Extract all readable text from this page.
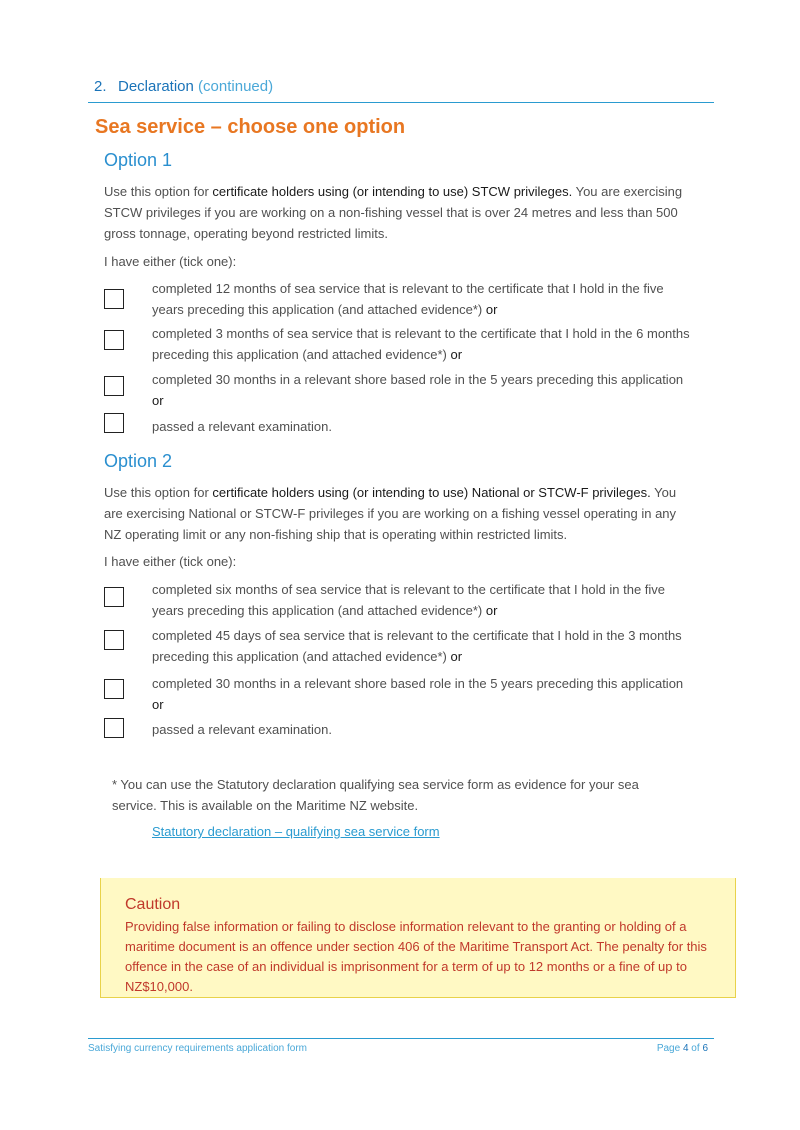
2. Declaration (continued)
Sea service – choose one option
Option 1
Use this option for certificate holders using (or intending to use) STCW privileges. You are exercising STCW privileges if you are working on a non-fishing vessel that is over 24 metres and less than 500 gross tonnage, operating beyond restricted limits.
I have either (tick one):
completed 12 months of sea service that is relevant to the certificate that I hold in the five years preceding this application (and attached evidence*) or
completed 3 months of sea service that is relevant to the certificate that I hold in the 6 months preceding this application (and attached evidence*) or
completed 30 months in a relevant shore based role in the 5 years preceding this application or
passed a relevant examination.
Option 2
Use this option for certificate holders using (or intending to use) National or STCW-F privileges. You are exercising National or STCW-F privileges if you are working on a fishing vessel operating in any NZ operating limit or any non-fishing ship that is operating within restricted limits.
I have either (tick one):
completed six months of sea service that is relevant to the certificate that I hold in the five years preceding this application (and attached evidence*) or
completed 45 days of sea service that is relevant to the certificate that I hold in the 3 months preceding this application (and attached evidence*) or
completed 30 months in a relevant shore based role in the 5 years preceding this application or
passed a relevant examination.
* You can use the Statutory declaration qualifying sea service form as evidence for your sea service. This is available on the Maritime NZ website.
Statutory declaration – qualifying sea service form
Caution
Providing false information or failing to disclose information relevant to the granting or holding of a maritime document is an offence under section 406 of the Maritime Transport Act. The penalty for this offence in the case of an individual is imprisonment for a term of up to 12 months or a fine of up to NZ$10,000.
Satisfying currency requirements application form	Page 4 of 6
